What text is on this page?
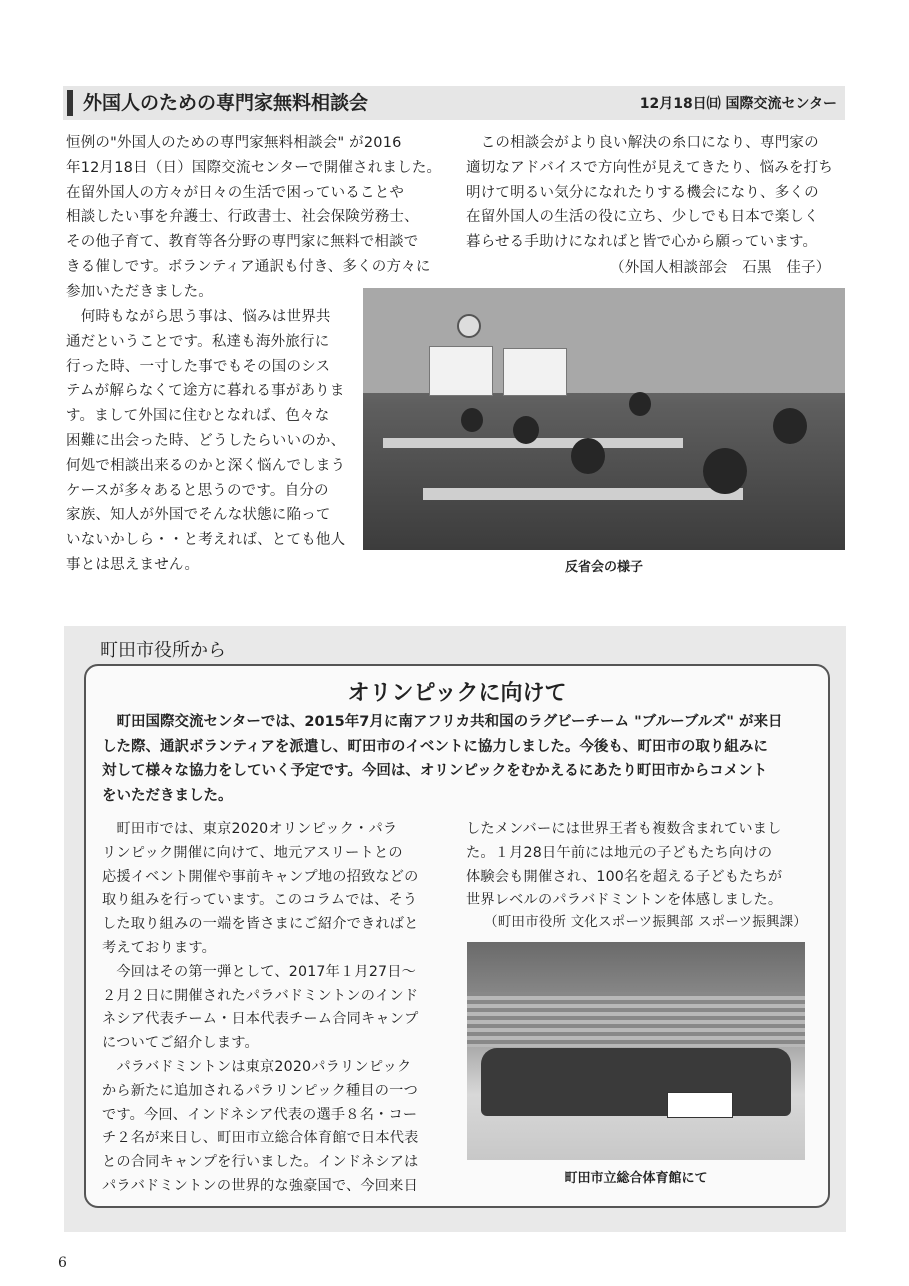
外国人のための専門家無料相談会	12月18日㈰ 国際交流センター

恒例の"外国人のための専門家無料相談会" が2016
年12月18日（日）国際交流センターで開催されました。
在留外国人の方々が日々の生活で困っていることや
相談したい事を弁護士、行政書士、社会保険労務士、
その他子育て、教育等各分野の専門家に無料で相談で
きる催しです。ボランティア通訳も付き、多くの方々に
参加いただきました。

　何時もながら思う事は、悩みは世界共
通だということです。私達も海外旅行に
行った時、一寸した事でもその国のシス
テムが解らなくて途方に暮れる事がありま
す。まして外国に住むとなれば、色々な
困難に出会った時、どうしたらいいのか、
何処で相談出来るのかと深く悩んでしまう
ケースが多々あると思うのです。自分の
家族、知人が外国でそんな状態に陥って
いないかしら・・と考えれば、とても他人
事とは思えません。

　この相談会がより良い解決の糸口になり、専門家の
適切なアドバイスで方向性が見えてきたり、悩みを打ち
明けて明るい気分になれたりする機会になり、多くの
在留外国人の生活の役に立ち、少しでも日本で楽しく
暮らせる手助けになればと皆で心から願っています。

（外国人相談部会　石黒　佳子）
反省会の様子
町田市役所から
オリンピックに向けて

　町田国際交流センターでは、2015年7月に南アフリカ共和国のラグビーチーム "ブルーブルズ" が来日
した際、通訳ボランティアを派遣し、町田市のイベントに協力しました。今後も、町田市の取り組みに
対して様々な協力をしていく予定です。今回は、オリンピックをむかえるにあたり町田市からコメント
をいただきました。

　町田市では、東京2020オリンピック・パラ
リンピック開催に向けて、地元アスリートとの
応援イベント開催や事前キャンプ地の招致などの
取り組みを行っています。このコラムでは、そう
した取り組みの一端を皆さまにご紹介できればと
考えております。
　今回はその第一弾として、2017年１月27日〜
２月２日に開催されたパラバドミントンのインド
ネシア代表チーム・日本代表チーム合同キャンプ
についてご紹介します。
　パラバドミントンは東京2020パラリンピック
から新たに追加されるパラリンピック種目の一つ
です。今回、インドネシア代表の選手８名・コー
チ２名が来日し、町田市立総合体育館で日本代表
との合同キャンプを行いました。インドネシアは
パラバドミントンの世界的な強豪国で、今回来日

したメンバーには世界王者も複数含まれていまし
た。１月28日午前には地元の子どもたち向けの
体験会も開催され、100名を超える子どもたちが
世界レベルのパラバドミントンを体感しました。

（町田市役所 文化スポーツ振興部 スポーツ振興課）
町田市立総合体育館にて
6
